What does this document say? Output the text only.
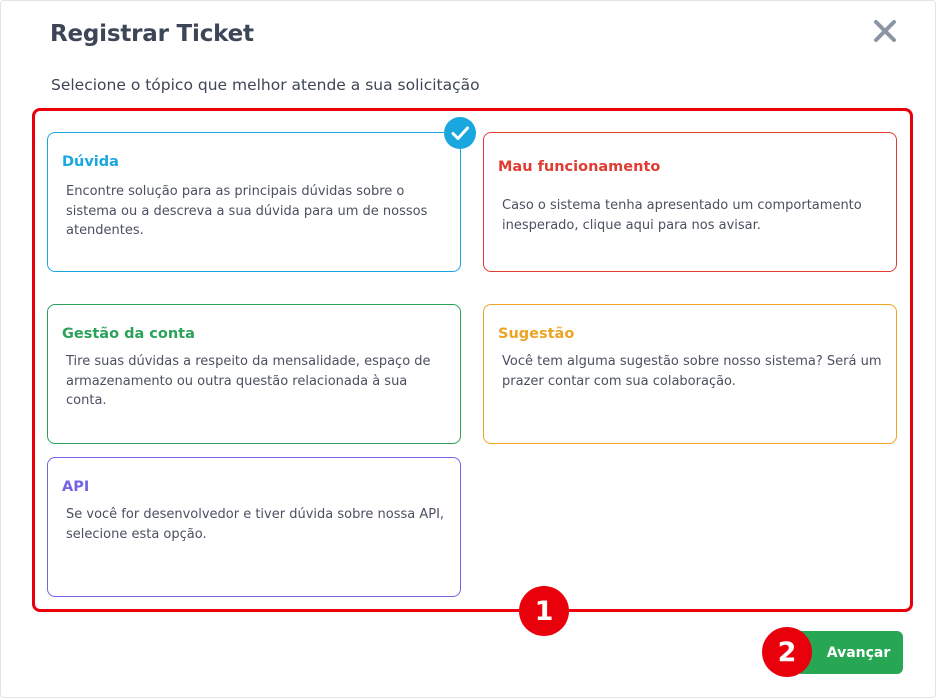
Registrar Ticket
Selecione o tópico que melhor atende a sua solicitação
Dúvida

Encontre solução para as principais dúvidas sobre o sistema ou a descreva a sua dúvida para um de nossos atendentes.

Mau funcionamento

Caso o sistema tenha apresentado um comportamento inesperado, clique aqui para nos avisar.

Gestão da conta

Tire suas dúvidas a respeito da mensalidade, espaço de armazenamento ou outra questão relacionada à sua conta.

Sugestão

Você tem alguma sugestão sobre nosso sistema? Será um prazer contar com sua colaboração.

API

Se você for desenvolvedor e tiver dúvida sobre nossa API, selecione esta opção.

1
Avançar
2
